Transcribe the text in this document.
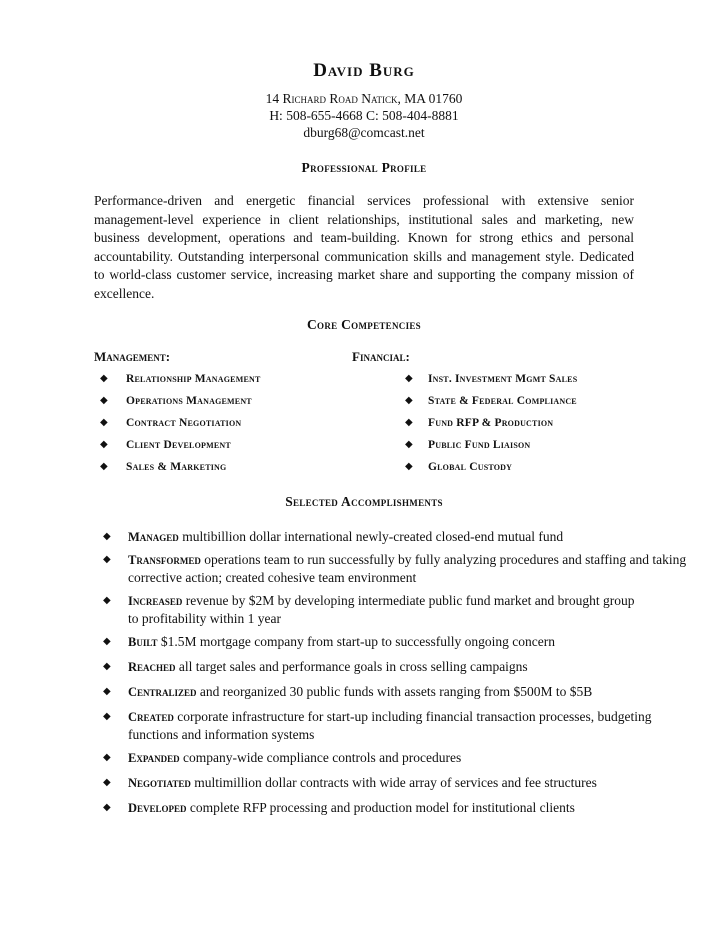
David Burg
14 Richard Road Natick, MA 01760
H: 508-655-4668 C: 508-404-8881
dburg68@comcast.net
Professional Profile
Performance-driven and energetic financial services professional with extensive senior management-level experience in client relationships, institutional sales and marketing, new business development, operations and team-building. Known for strong ethics and personal accountability. Outstanding interpersonal communication skills and management style. Dedicated to world-class customer service, increasing market share and supporting the company mission of excellence.
Core Competencies
Management:
◆ Relationship Management
◆ Operations Management
◆ Contract Negotiation
◆ Client Development
◆ Sales & Marketing
Financial:
◆ Inst. Investment Mgmt Sales
◆ State & Federal Compliance
◆ Fund RFP & Production
◆ Public Fund Liaison
◆ Global Custody
Selected Accomplishments
◆ Managed multibillion dollar international newly-created closed-end mutual fund
◆ Transformed operations team to run successfully by fully analyzing procedures and staffing and taking corrective action; created cohesive team environment
◆ Increased revenue by $2M by developing intermediate public fund market and brought group to profitability within 1 year
◆ Built $1.5M mortgage company from start-up to successfully ongoing concern
◆ Reached all target sales and performance goals in cross selling campaigns
◆ Centralized and reorganized 30 public funds with assets ranging from $500M to $5B
◆ Created corporate infrastructure for start-up including financial transaction processes, budgeting functions and information systems
◆ Expanded company-wide compliance controls and procedures
◆ Negotiated multimillion dollar contracts with wide array of services and fee structures
◆ Developed complete RFP processing and production model for institutional clients
